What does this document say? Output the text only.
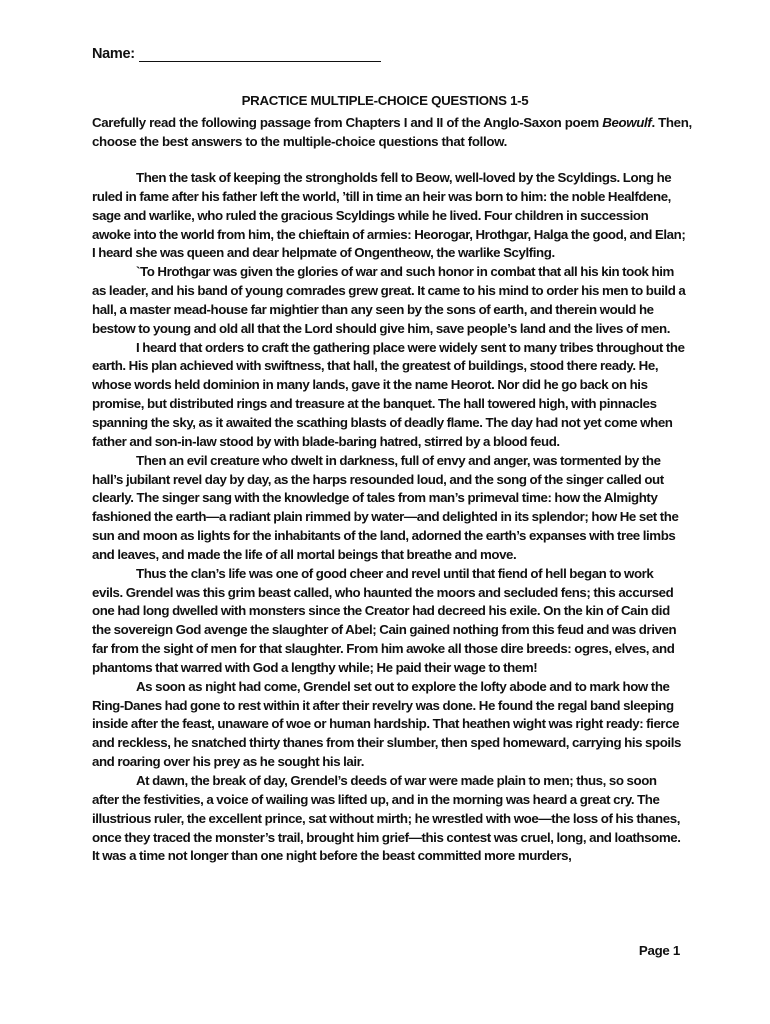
Name:
PRACTICE MULTIPLE-CHOICE QUESTIONS 1-5
Carefully read the following passage from Chapters I and II of the Anglo-Saxon poem Beowulf. Then, choose the best answers to the multiple-choice questions that follow.

Then the task of keeping the strongholds fell to Beow, well-loved by the Scyldings. Long he ruled in fame after his father left the world, ’till in time an heir was born to him: the noble Healfdene, sage and warlike, who ruled the gracious Scyldings while he lived. Four children in succession awoke into the world from him, the chieftain of armies: Heorogar, Hrothgar, Halga the good, and Elan; I heard she was queen and dear helpmate of Ongentheow, the warlike Scylfing.

`To Hrothgar was given the glories of war and such honor in combat that all his kin took him as leader, and his band of young comrades grew great. It came to his mind to order his men to build a hall, a master mead-house far mightier than any seen by the sons of earth, and therein would he bestow to young and old all that the Lord should give him, save people’s land and the lives of men.

I heard that orders to craft the gathering place were widely sent to many tribes throughout the earth. His plan achieved with swiftness, that hall, the greatest of buildings, stood there ready. He, whose words held dominion in many lands, gave it the name Heorot. Nor did he go back on his promise, but distributed rings and treasure at the banquet. The hall towered high, with pinnacles spanning the sky, as it awaited the scathing blasts of deadly flame. The day had not yet come when father and son-in-law stood by with blade-baring hatred, stirred by a blood feud.

Then an evil creature who dwelt in darkness, full of envy and anger, was tormented by the hall’s jubilant revel day by day, as the harps resounded loud, and the song of the singer called out clearly. The singer sang with the knowledge of tales from man’s primeval time: how the Almighty fashioned the earth—a radiant plain rimmed by water—and delighted in its splendor; how He set the sun and moon as lights for the inhabitants of the land, adorned the earth’s expanses with tree limbs and leaves, and made the life of all mortal beings that breathe and move.

Thus the clan’s life was one of good cheer and revel until that fiend of hell began to work evils. Grendel was this grim beast called, who haunted the moors and secluded fens; this accursed one had long dwelled with monsters since the Creator had decreed his exile. On the kin of Cain did the sovereign God avenge the slaughter of Abel; Cain gained nothing from this feud and was driven far from the sight of men for that slaughter. From him awoke all those dire breeds: ogres, elves, and phantoms that warred with God a lengthy while; He paid their wage to them!

As soon as night had come, Grendel set out to explore the lofty abode and to mark how the Ring-Danes had gone to rest within it after their revelry was done. He found the regal band sleeping inside after the feast, unaware of woe or human hardship. That heathen wight was right ready: fierce and reckless, he snatched thirty thanes from their slumber, then sped homeward, carrying his spoils and roaring over his prey as he sought his lair.

At dawn, the break of day, Grendel’s deeds of war were made plain to men; thus, so soon after the festivities, a voice of wailing was lifted up, and in the morning was heard a great cry. The illustrious ruler, the excellent prince, sat without mirth; he wrestled with woe—the loss of his thanes, once they traced the monster’s trail, brought him grief—this contest was cruel, long, and loathsome. It was a time not longer than one night before the beast committed more murders,

Page 1
